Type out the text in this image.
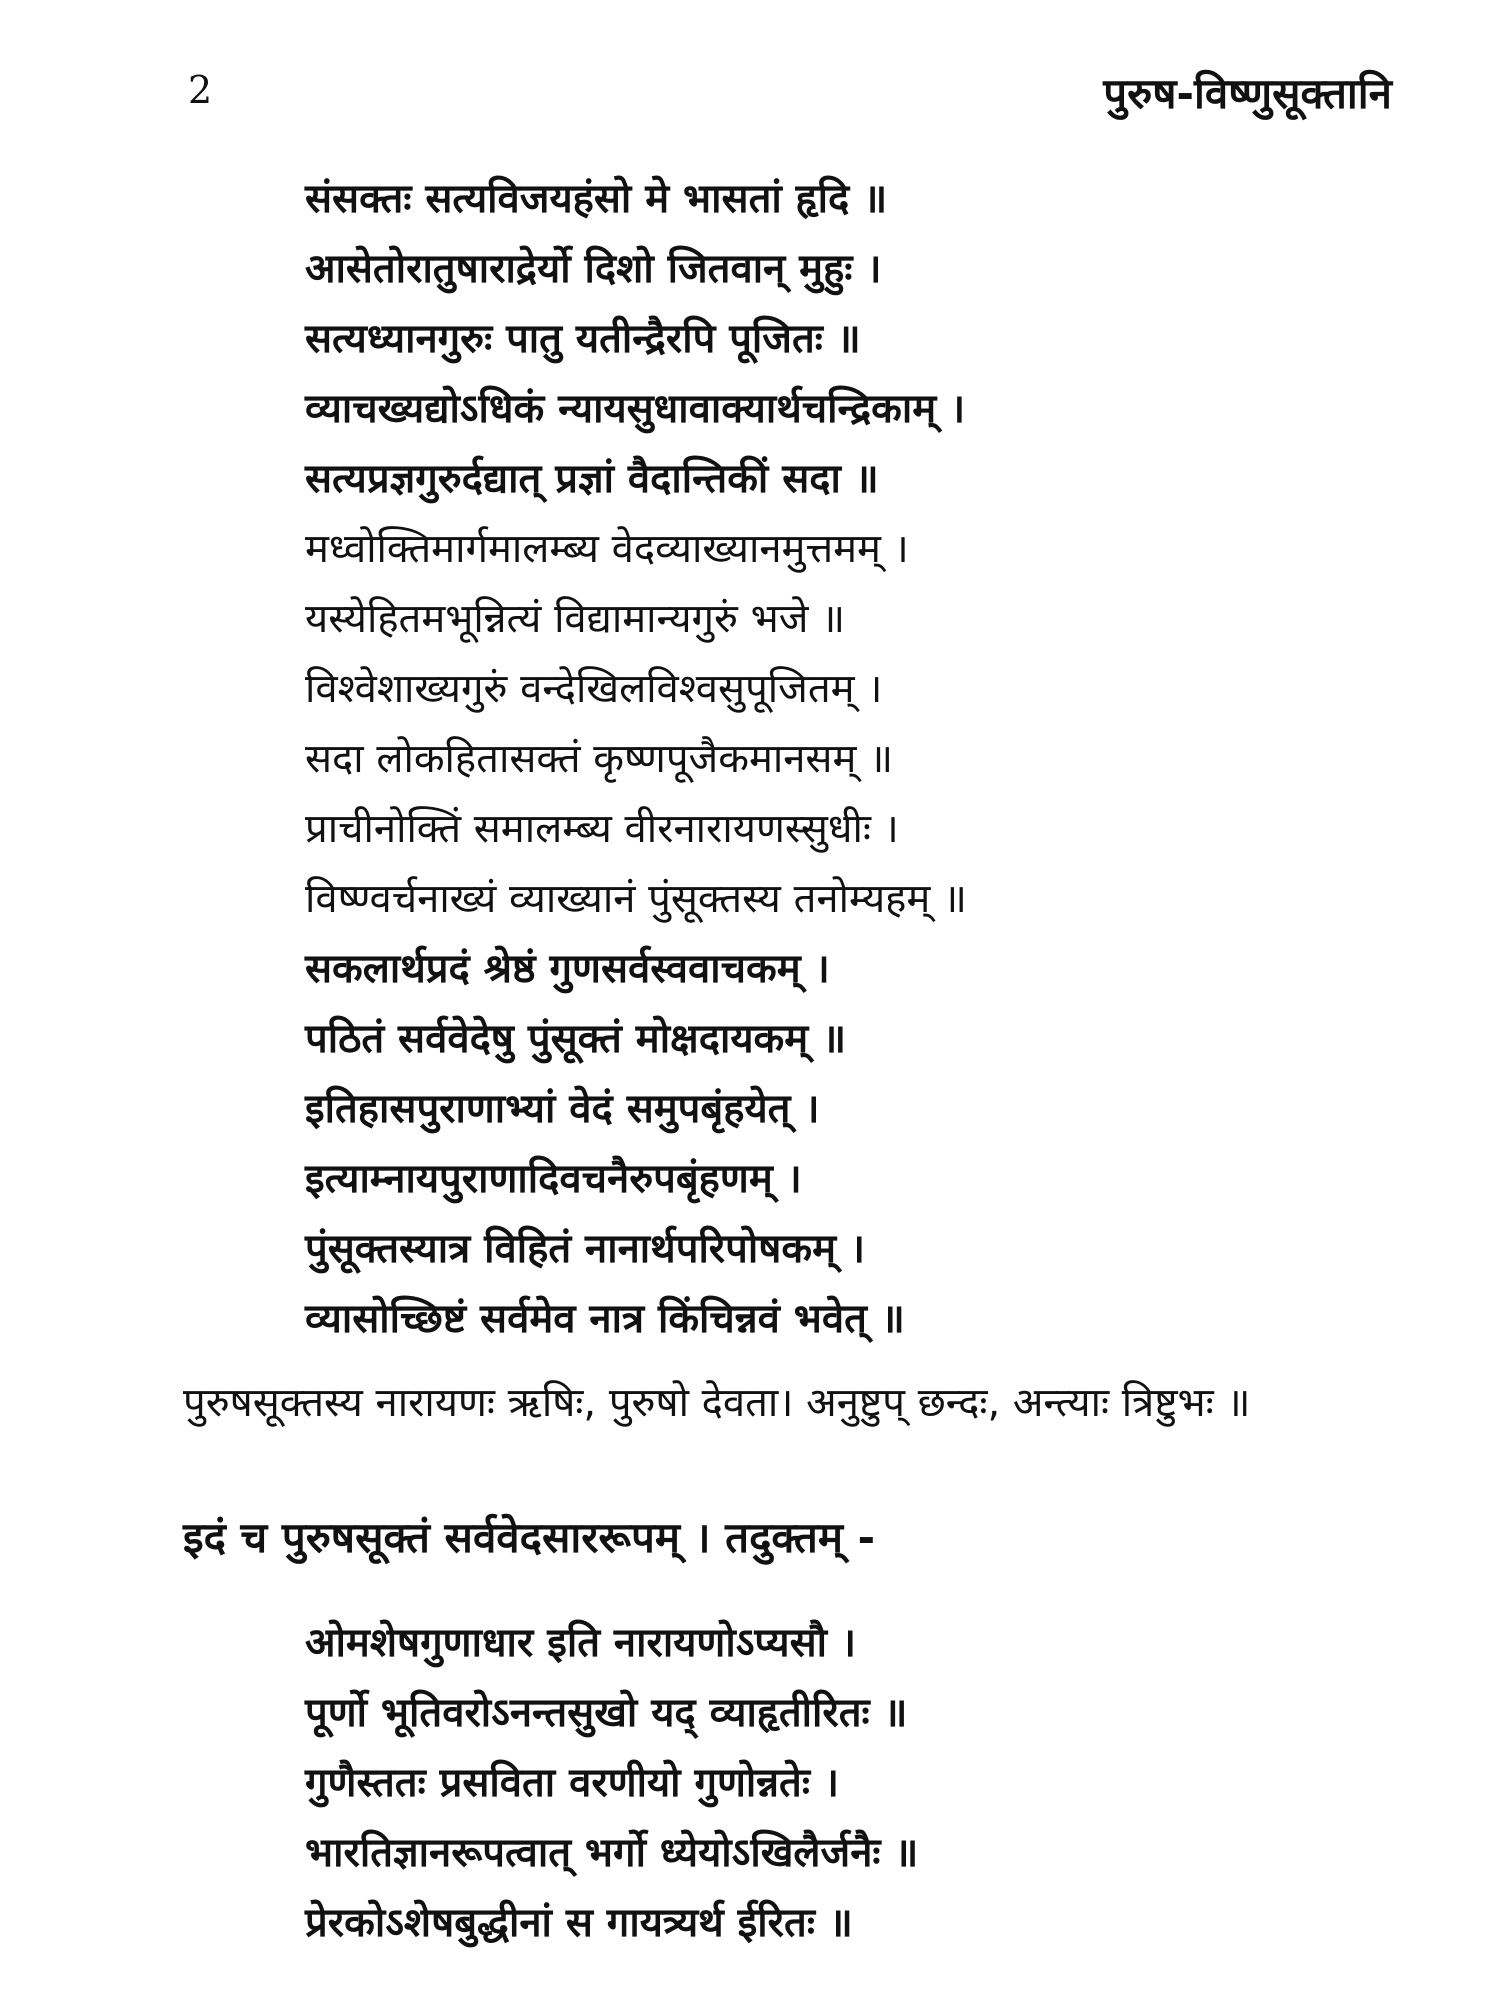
2	पुरुष-विष्णुसूक्तानि
संसक्तः सत्यविजयहंसो मे भासतां हृदि ॥
आसेतोरातुषाराद्रेर्यो दिशो जितवान् मुहुः ।
सत्यध्यानगुरुः पातु यतीन्द्रैरपि पूजितः ॥
व्याचख्यद्योऽधिकं न्यायसुधावाक्यार्थचन्द्रिकाम् ।
सत्यप्रज्ञगुरुर्दद्यात् प्रज्ञां वैदान्तिकीं सदा ॥
मध्वोक्तिमार्गमालम्ब्य वेदव्याख्यानमुत्तमम् ।
यस्येहितमभून्नित्यं विद्यामान्यगुरुं भजे ॥
विश्वेशाख्यगुरुं वन्देखिलविश्वसुपूजितम् ।
सदा लोकहितासक्तं कृष्णपूजैकमानसम् ॥
प्राचीनोक्तिं समालम्ब्य वीरनारायणस्सुधीः ।
विष्ण्वर्चनाख्यं व्याख्यानं पुंसूक्तस्य तनोम्यहम् ॥
सकलार्थप्रदं श्रेष्ठं गुणसर्वस्ववाचकम् ।
पठितं सर्ववेदेषु पुंसूक्तं मोक्षदायकम् ॥
इतिहासपुराणाभ्यां वेदं समुपबृंहयेत् ।
इत्याम्नायपुराणादिवचनैरुपबृंहणम् ।
पुंसूक्तस्यात्र विहितं नानार्थपरिपोषकम् ।
व्यासोच्छिष्टं सर्वमेव नात्र किंचिन्नवं भवेत् ॥
पुरुषसूक्तस्य नारायणः ऋषिः, पुरुषो देवता। अनुष्टुप् छन्दः, अन्त्याः त्रिष्टुभः ॥
इदं च पुरुषसूक्तं सर्ववेदसाररूपम् । तदुक्तम् -
ओमशेषगुणाधार इति नारायणोऽप्यसौ ।
पूर्णो भूतिवरोऽनन्तसुखो यद् व्याहृतीरितः ॥
गुणैस्ततः प्रसविता वरणीयो गुणोन्नतेः ।
भारतिज्ञानरूपत्वात् भर्गो ध्येयोऽखिलैर्जनैः ॥
प्रेरकोऽशेषबुद्धीनां स गायत्र्यर्थ ईरितः ॥
